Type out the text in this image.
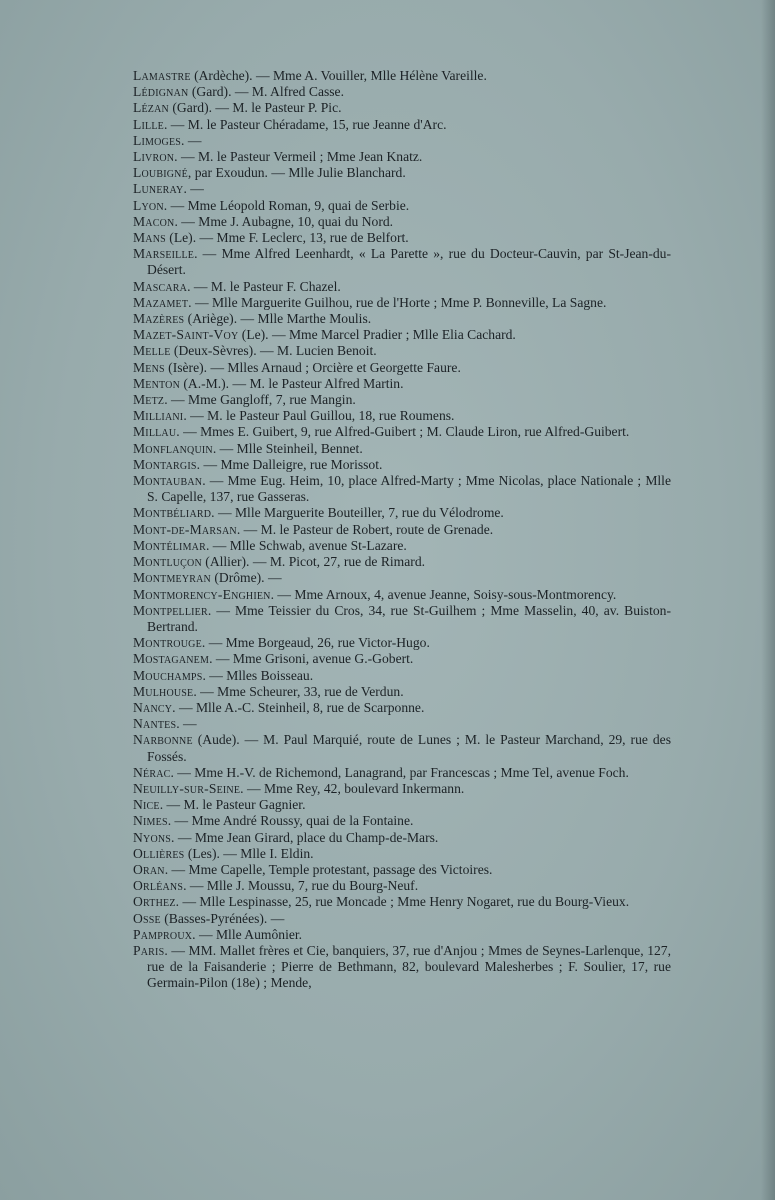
Lamastre (Ardèche). — Mme A. Vouiller, Mlle Hélène Vareille.
Lédignan (Gard). — M. Alfred Casse.
Lézan (Gard). — M. le Pasteur P. Pic.
Lille. — M. le Pasteur Chéradame, 15, rue Jeanne d'Arc.
Limoges. —
Livron. — M. le Pasteur Vermeil ; Mme Jean Knatz.
Loubigné, par Exoudun. — Mlle Julie Blanchard.
Luneray. —
Lyon. — Mme Léopold Roman, 9, quai de Serbie.
Macon. — Mme J. Aubagne, 10, quai du Nord.
Mans (Le). — Mme F. Leclerc, 13, rue de Belfort.
Marseille. — Mme Alfred Leenhardt, « La Parette », rue du Docteur-Cauvin, par St-Jean-du-Désert.
Mascara. — M. le Pasteur F. Chazel.
Mazamet. — Mlle Marguerite Guilhou, rue de l'Horte ; Mme P. Bonneville, La Sagne.
Mazères (Ariège). — Mlle Marthe Moulis.
Mazet-Saint-Voy (Le). — Mme Marcel Pradier ; Mlle Elia Cachard.
Melle (Deux-Sèvres). — M. Lucien Benoit.
Mens (Isère). — Mlles Arnaud ; Orcière et Georgette Faure.
Menton (A.-M.). — M. le Pasteur Alfred Martin.
Metz. — Mme Gangloff, 7, rue Mangin.
Milliani. — M. le Pasteur Paul Guillou, 18, rue Roumens.
Millau. — Mmes E. Guibert, 9, rue Alfred-Guibert ; M. Claude Liron, rue Alfred-Guibert.
Monflanquin. — Mlle Steinheil, Bennet.
Montargis. — Mme Dalleigre, rue Morissot.
Montauban. — Mme Eug. Heim, 10, place Alfred-Marty ; Mme Nicolas, place Nationale ; Mlle S. Capelle, 137, rue Gasseras.
Montbéliard. — Mlle Marguerite Bouteiller, 7, rue du Vélodrome.
Mont-de-Marsan. — M. le Pasteur de Robert, route de Grenade.
Montélimar. — Mlle Schwab, avenue St-Lazare.
Montluçon (Allier). — M. Picot, 27, rue de Rimard.
Montmeyran (Drôme). —
Montmorency-Enghien. — Mme Arnoux, 4, avenue Jeanne, Soisy-sous-Montmorency.
Montpellier. — Mme Teissier du Cros, 34, rue St-Guilhem ; Mme Masselin, 40, av. Buiston-Bertrand.
Montrouge. — Mme Borgeaud, 26, rue Victor-Hugo.
Mostaganem. — Mme Grisoni, avenue G.-Gobert.
Mouchamps. — Mlles Boisseau.
Mulhouse. — Mme Scheurer, 33, rue de Verdun.
Nancy. — Mlle A.-C. Steinheil, 8, rue de Scarponne.
Nantes. —
Narbonne (Aude). — M. Paul Marquié, route de Lunes ; M. le Pasteur Marchand, 29, rue des Fossés.
Nérac. — Mme H.-V. de Richemond, Lanagrand, par Francescas ; Mme Tel, avenue Foch.
Neuilly-sur-Seine. — Mme Rey, 42, boulevard Inkermann.
Nice. — M. le Pasteur Gagnier.
Nimes. — Mme André Roussy, quai de la Fontaine.
Nyons. — Mme Jean Girard, place du Champ-de-Mars.
Ollières (Les). — Mlle I. Eldin.
Oran. — Mme Capelle, Temple protestant, passage des Victoires.
Orléans. — Mlle J. Moussu, 7, rue du Bourg-Neuf.
Orthez. — Mlle Lespinasse, 25, rue Moncade ; Mme Henry Nogaret, rue du Bourg-Vieux.
Osse (Basses-Pyrénées). —
Pamproux. — Mlle Aumônier.
Paris. — MM. Mallet frères et Cie, banquiers, 37, rue d'Anjou ; Mmes de Seynes-Larlenque, 127, rue de la Faisanderie ; Pierre de Bethmann, 82, boulevard Malesherbes ; F. Soulier, 17, rue Germain-Pilon (18e) ; Mende,
